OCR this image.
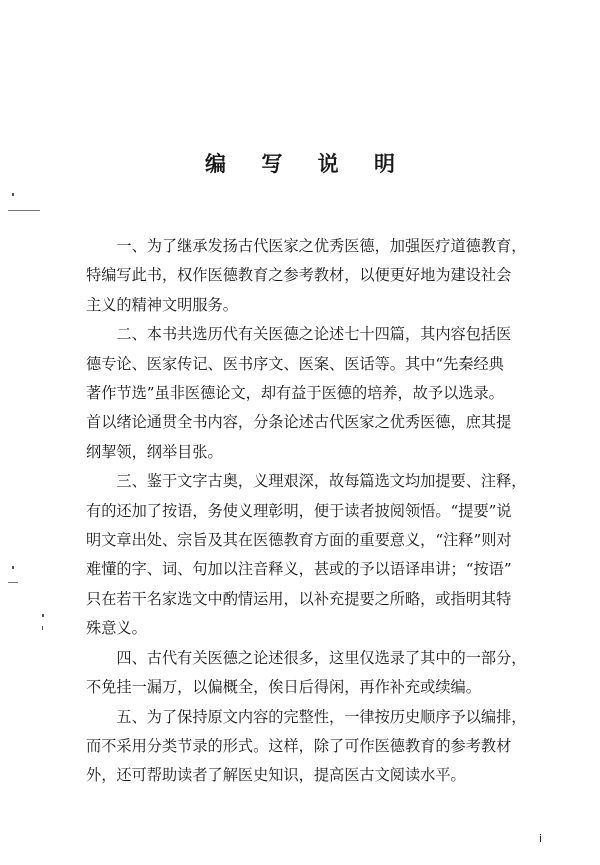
编 写 说 明

一、为了继承发扬古代医家之优秀医德，加强医疗道德教育，
特编写此书，权作医德教育之参考教材，以便更好地为建设社会
主义的精神文明服务。

二、本书共选历代有关医德之论述七十四篇，其内容包括医
德专论、医家传记、医书序文、医案、医话等。其中“先秦经典
著作节选”虽非医德论文，却有益于医德的培养，故予以选录。
首以绪论通贯全书内容，分条论述古代医家之优秀医德，庶其提
纲挈领，纲举目张。

三、鉴于文字古奥，义理艰深，故每篇选文均加提要、注释，
有的还加了按语，务使义理彰明，便于读者披阅领悟。“提要”说
明文章出处、宗旨及其在医德教育方面的重要意义，“注释”则对
难懂的字、词、句加以注音释义，甚或的予以语译串讲；“按语”
只在若干名家选文中酌情运用，以补充提要之所略，或指明其特
殊意义。

四、古代有关医德之论述很多，这里仅选录了其中的一部分，
不免挂一漏万，以偏概全，俟日后得闲，再作补充或续编。

五、为了保持原文内容的完整性，一律按历史顺序予以编排，
而不采用分类节录的形式。这样，除了可作医德教育的参考教材
外，还可帮助读者了解医史知识，提高医古文阅读水平。

i
